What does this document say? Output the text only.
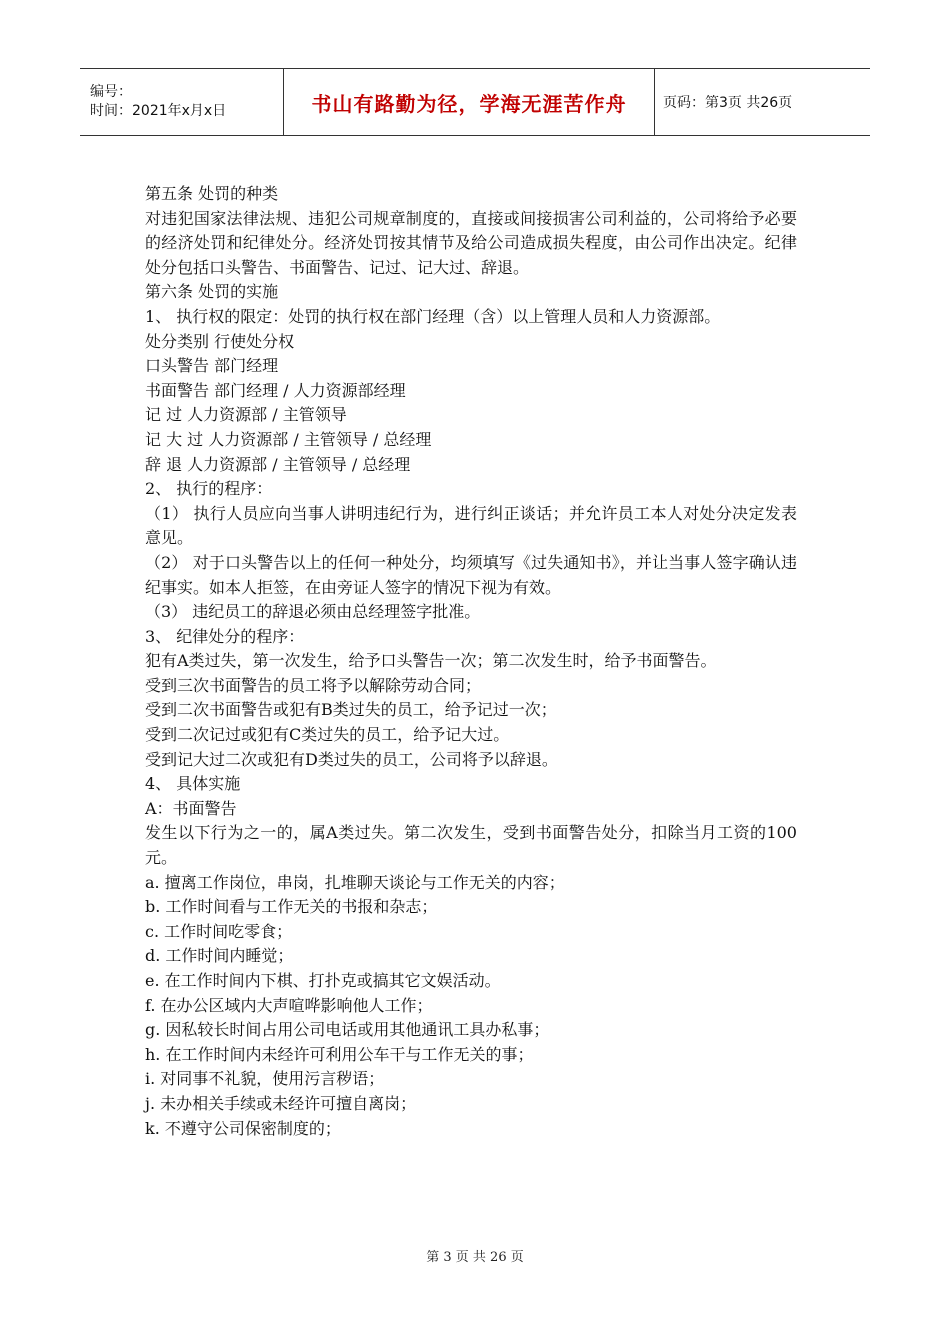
编号：
时间：2021年x月x日	书山有路勤为径，学海无涯苦作舟	页码：第3页 共26页

第五条 处罚的种类

对违犯国家法律法规、违犯公司规章制度的，直接或间接损害公司利益的，公司将给予必要的经济处罚和纪律处分。经济处罚按其情节及给公司造成损失程度，由公司作出决定。纪律处分包括口头警告、书面警告、记过、记大过、辞退。

第六条 处罚的实施

1、 执行权的限定：处罚的执行权在部门经理（含）以上管理人员和人力资源部。

处分类别 行使处分权

口头警告 部门经理

书面警告 部门经理 / 人力资源部经理

记 过 人力资源部 / 主管领导

记 大 过 人力资源部 / 主管领导 / 总经理

辞 退 人力资源部 / 主管领导 / 总经理

2、 执行的程序：

（1） 执行人员应向当事人讲明违纪行为，进行纠正谈话；并允许员工本人对处分决定发表意见。

（2） 对于口头警告以上的任何一种处分，均须填写《过失通知书》，并让当事人签字确认违纪事实。如本人拒签，在由旁证人签字的情况下视为有效。

（3） 违纪员工的辞退必须由总经理签字批准。

3、 纪律处分的程序：

犯有A类过失，第一次发生，给予口头警告一次；第二次发生时，给予书面警告。

受到三次书面警告的员工将予以解除劳动合同；

受到二次书面警告或犯有B类过失的员工，给予记过一次；

受到二次记过或犯有C类过失的员工，给予记大过。

受到记大过二次或犯有D类过失的员工，公司将予以辞退。

4、 具体实施

A：书面警告

发生以下行为之一的，属A类过失。第二次发生，受到书面警告处分，扣除当月工资的100元。

a. 擅离工作岗位，串岗，扎堆聊天谈论与工作无关的内容；

b. 工作时间看与工作无关的书报和杂志；

c. 工作时间吃零食；

d. 工作时间内睡觉；

e. 在工作时间内下棋、打扑克或搞其它文娱活动。

f. 在办公区域内大声喧哗影响他人工作；

g. 因私较长时间占用公司电话或用其他通讯工具办私事；

h. 在工作时间内未经许可利用公车干与工作无关的事；

i. 对同事不礼貌，使用污言秽语；

j. 未办相关手续或未经许可擅自离岗；

k. 不遵守公司保密制度的；

第 3 页 共 26 页
